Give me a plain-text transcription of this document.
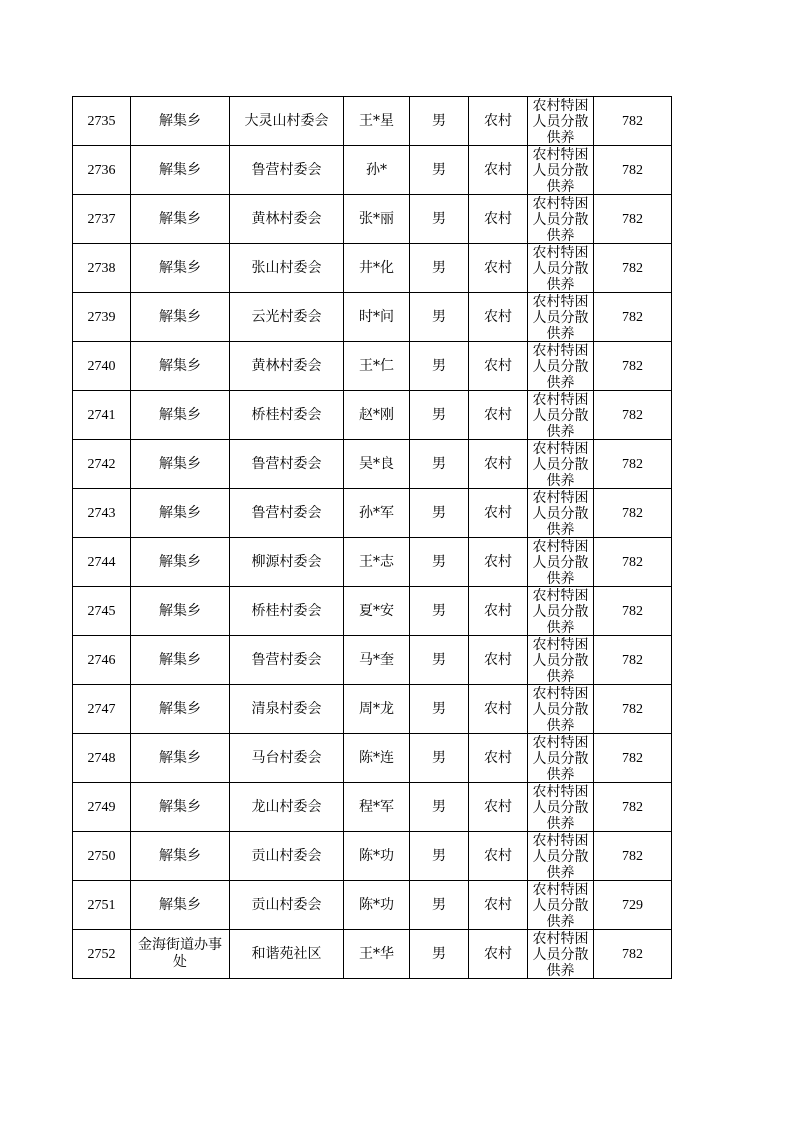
2735	解集乡	大灵山村委会	王*星	男	农村	农村特困人员分散供养	782
2736	解集乡	鲁营村委会	孙*	男	农村	农村特困人员分散供养	782
2737	解集乡	黄林村委会	张*丽	男	农村	农村特困人员分散供养	782
2738	解集乡	张山村委会	井*化	男	农村	农村特困人员分散供养	782
2739	解集乡	云光村委会	时*问	男	农村	农村特困人员分散供养	782
2740	解集乡	黄林村委会	王*仁	男	农村	农村特困人员分散供养	782
2741	解集乡	桥桂村委会	赵*刚	男	农村	农村特困人员分散供养	782
2742	解集乡	鲁营村委会	吴*良	男	农村	农村特困人员分散供养	782
2743	解集乡	鲁营村委会	孙*军	男	农村	农村特困人员分散供养	782
2744	解集乡	柳源村委会	王*志	男	农村	农村特困人员分散供养	782
2745	解集乡	桥桂村委会	夏*安	男	农村	农村特困人员分散供养	782
2746	解集乡	鲁营村委会	马*奎	男	农村	农村特困人员分散供养	782
2747	解集乡	清泉村委会	周*龙	男	农村	农村特困人员分散供养	782
2748	解集乡	马台村委会	陈*连	男	农村	农村特困人员分散供养	782
2749	解集乡	龙山村委会	程*军	男	农村	农村特困人员分散供养	782
2750	解集乡	贡山村委会	陈*功	男	农村	农村特困人员分散供养	782
2751	解集乡	贡山村委会	陈*功	男	农村	农村特困人员分散供养	729
2752	金海街道办事处	和谐苑社区	王*华	男	农村	农村特困人员分散供养	782
